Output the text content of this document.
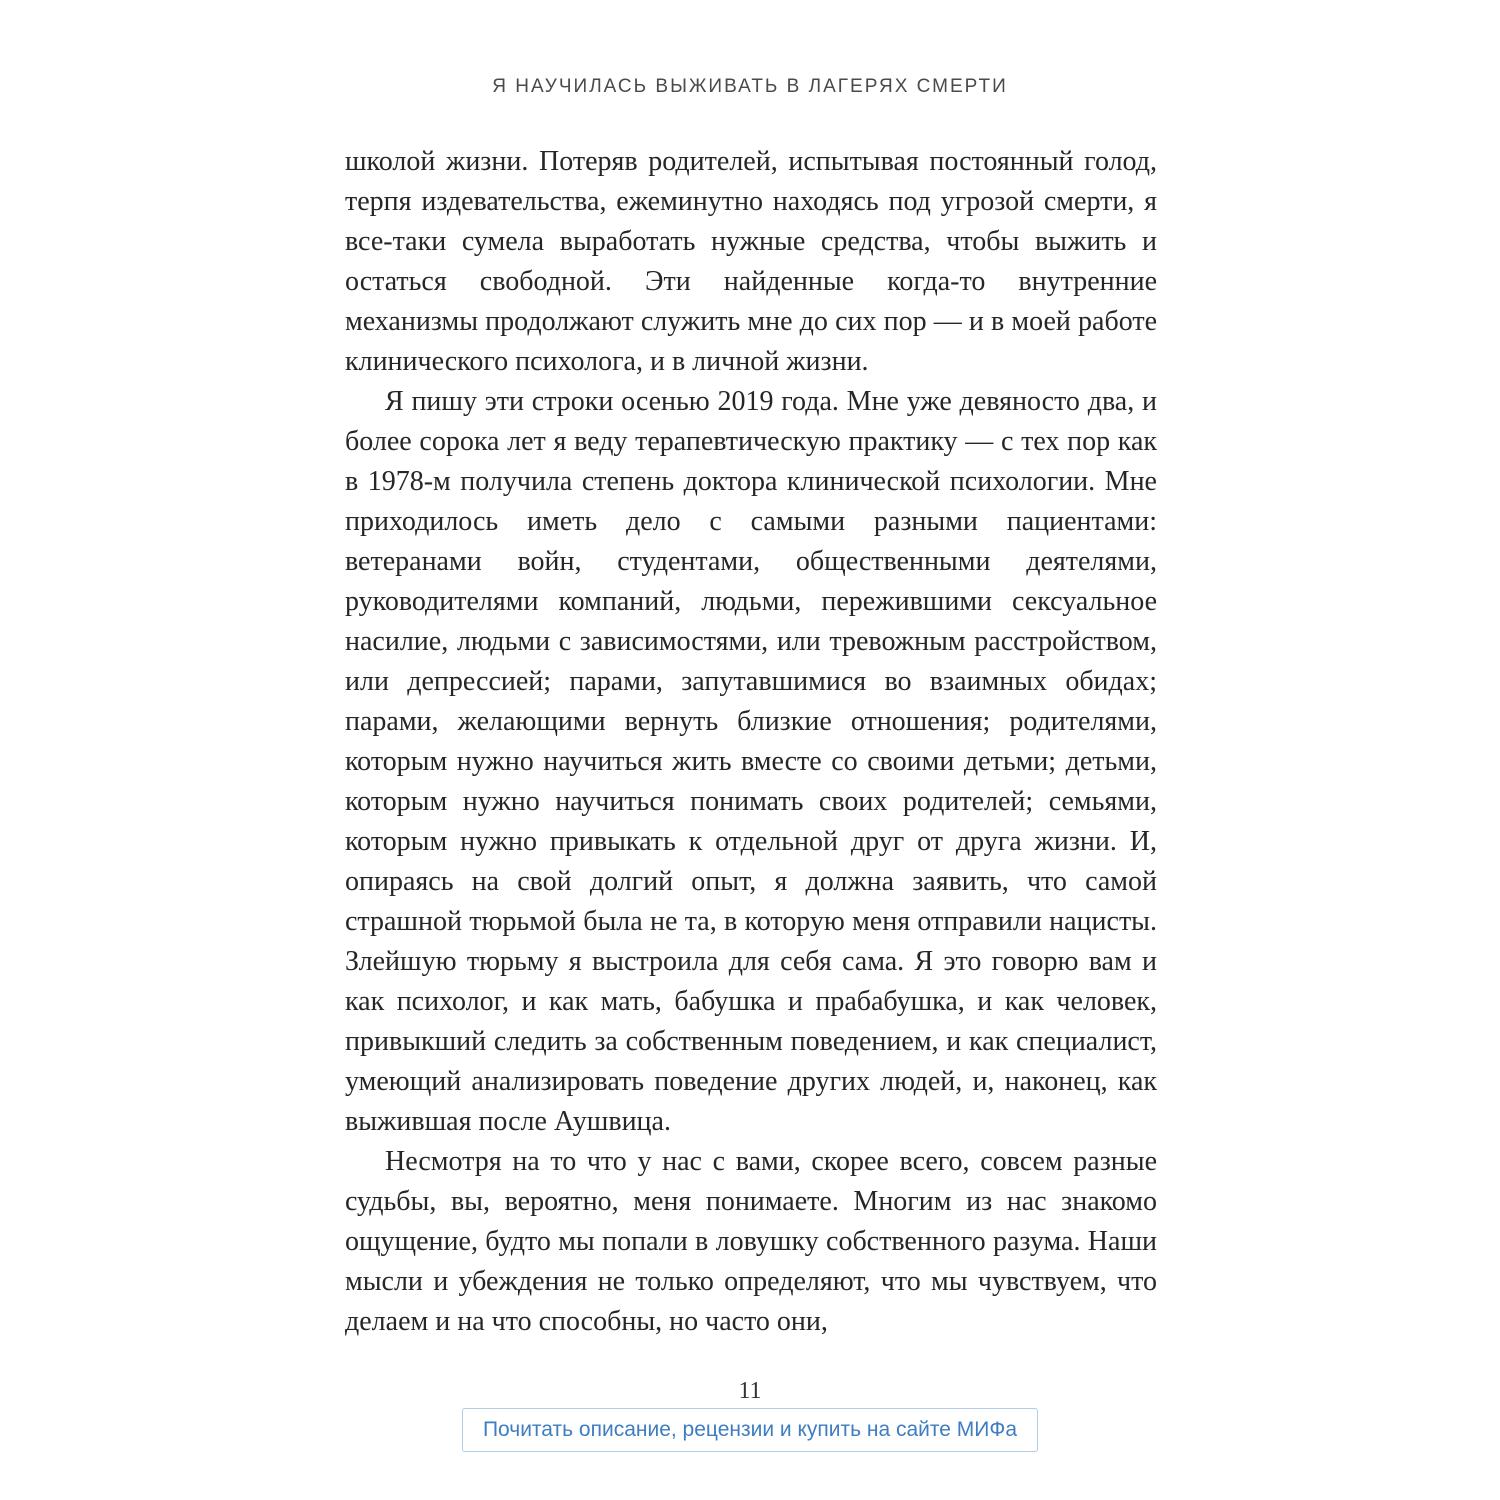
Я НАУЧИЛАСЬ ВЫЖИВАТЬ В ЛАГЕРЯХ СМЕРТИ

школой жизни. Потеряв родителей, испытывая постоянный голод, терпя издевательства, ежеминутно находясь под угрозой смерти, я все-таки сумела выработать нужные средства, чтобы выжить и остаться свободной. Эти найденные когда-то внутренние механизмы продолжают служить мне до сих пор — и в моей работе клинического психолога, и в личной жизни.

Я пишу эти строки осенью 2019 года. Мне уже девяносто два, и более сорока лет я веду терапевтическую практику — с тех пор как в 1978-м получила степень доктора клинической психологии. Мне приходилось иметь дело с самыми разными пациентами: ветеранами войн, студентами, общественными деятелями, руководителями компаний, людьми, пережившими сексуальное насилие, людьми с зависимостями, или тревожным расстройством, или депрессией; парами, запутавшимися во взаимных обидах; парами, желающими вернуть близкие отношения; родителями, которым нужно научиться жить вместе со своими детьми; детьми, которым нужно научиться понимать своих родителей; семьями, которым нужно привыкать к отдельной друг от друга жизни. И, опираясь на свой долгий опыт, я должна заявить, что самой страшной тюрьмой была не та, в которую меня отправили нацисты. Злейшую тюрьму я выстроила для себя сама. Я это говорю вам и как психолог, и как мать, бабушка и прабабушка, и как человек, привыкший следить за собственным поведением, и как специалист, умеющий анализировать поведение других людей, и, наконец, как выжившая после Аушвица.

Несмотря на то что у нас с вами, скорее всего, совсем разные судьбы, вы, вероятно, меня понимаете. Многим из нас знакомо ощущение, будто мы попали в ловушку собственного разума. Наши мысли и убеждения не только определяют, что мы чувствуем, что делаем и на что способны, но часто они,

11
Почитать описание, рецензии и купить на сайте МИФа
